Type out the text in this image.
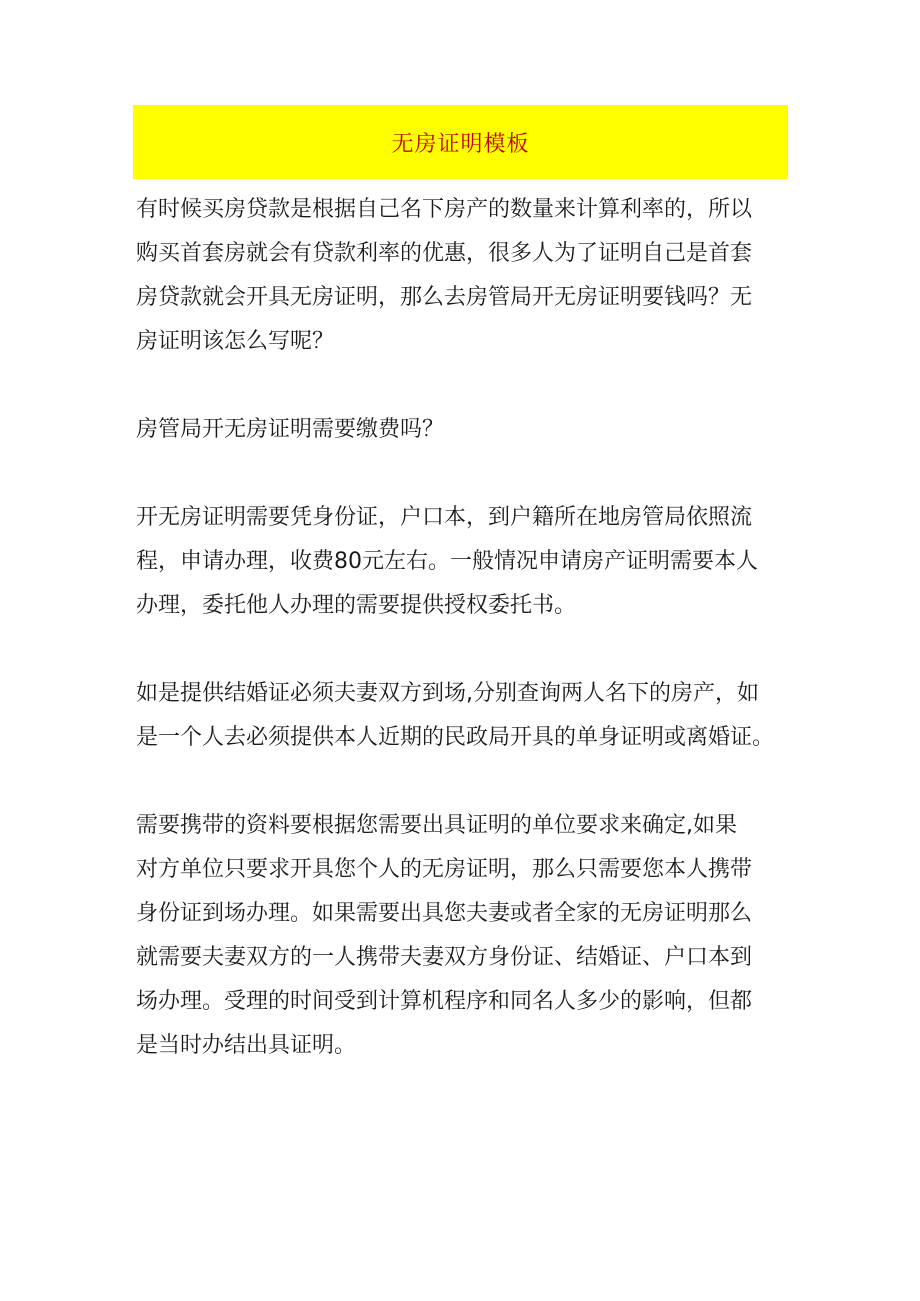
无房证明模板
有时候买房贷款是根据自己名下房产的数量来计算利率的，所以
购买首套房就会有贷款利率的优惠，很多人为了证明自己是首套
房贷款就会开具无房证明，那么去房管局开无房证明要钱吗？无
房证明该怎么写呢？
房管局开无房证明需要缴费吗？
开无房证明需要凭身份证，户口本，到户籍所在地房管局依照流
程，申请办理，收费80元左右。一般情况申请房产证明需要本人
办理，委托他人办理的需要提供授权委托书。
如是提供结婚证必须夫妻双方到场,分别查询两人名下的房产，如
是一个人去必须提供本人近期的民政局开具的单身证明或离婚证。
需要携带的资料要根据您需要出具证明的单位要求来确定,如果
对方单位只要求开具您个人的无房证明，那么只需要您本人携带
身份证到场办理。如果需要出具您夫妻或者全家的无房证明那么
就需要夫妻双方的一人携带夫妻双方身份证、结婚证、户口本到
场办理。受理的时间受到计算机程序和同名人多少的影响，但都
是当时办结出具证明。
